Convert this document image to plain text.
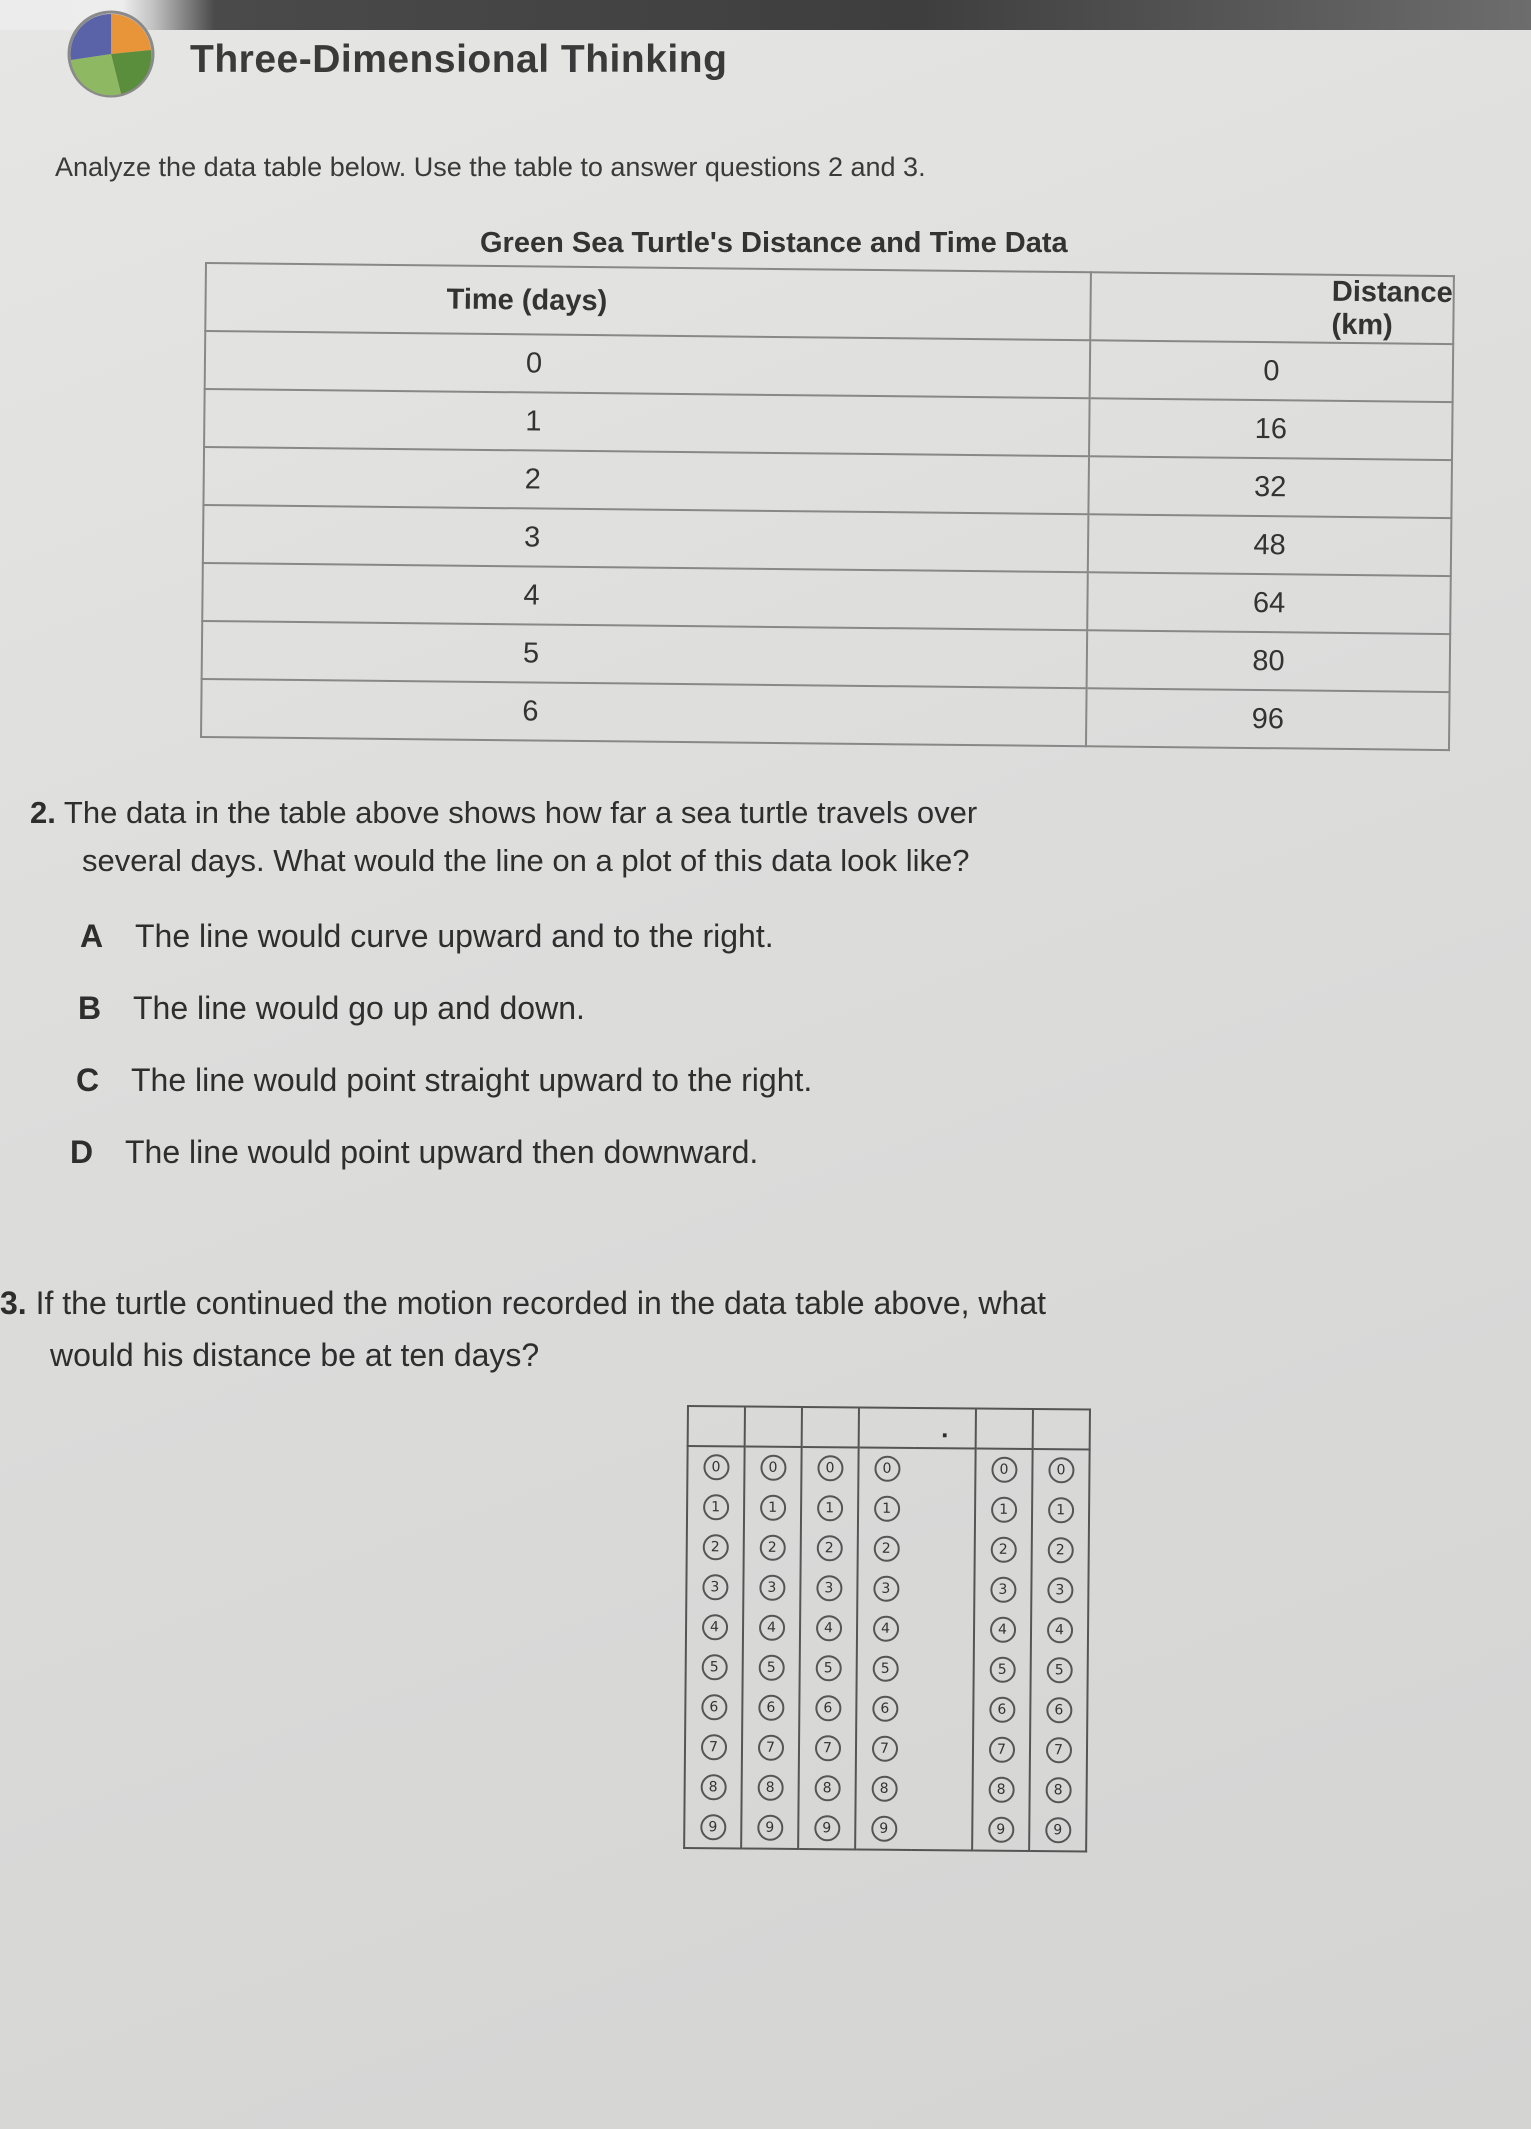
Three-Dimensional Thinking
Analyze the data table below. Use the table to answer questions 2 and 3.
Green Sea Turtle's Distance and Time Data
Time (days)	Distance (km)
0	0
1	16
2	32
3	48
4	64
5	80
6	96
2. The data in the table above shows how far a sea turtle travels over
several days. What would the line on a plot of this data look like?
A The line would curve upward and to the right.
B The line would go up and down.
C The line would point straight upward to the right.
D The line would point upward then downward.
3. If the turtle continued the motion recorded in the data table above, what
would his distance be at ten days?
				.		
0	0	0	0		0	0
1	1	1	1		1	1
2	2	2	2		2	2
3	3	3	3		3	3
4	4	4	4		4	4
5	5	5	5		5	5
6	6	6	6		6	6
7	7	7	7		7	7
8	8	8	8		8	8
9	9	9	9		9	9
